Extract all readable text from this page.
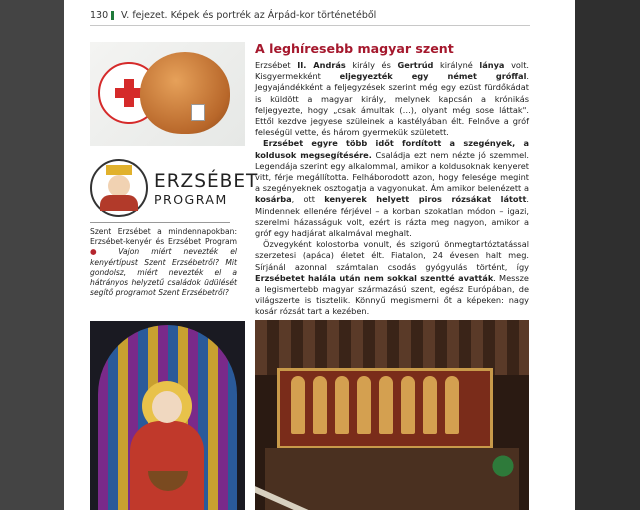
130 V. fejezet. Képek és portrék az Árpád-kor történetéből
ERZSÉBET
PROGRAM
Szent Erzsébet a mindennapokban: Erzsébet-kenyér és Erzsébet Program ● Vajon miért nevezték el kenyértípust Szent Erzsébetről? Mit gondolsz, miért nevezték el a hátrányos helyzetű családok üdülését segítő programot Szent Erzsébetről?
A leghíresebb magyar szent

Erzsébet II. András király és Gertrúd királyné lánya volt. Kisgyermekként eljegyezték egy német gróffal. Jegyajándékként a feljegyzések szerint még egy ezüst fürdőkádat is küldött a magyar király, melynek kapcsán a krónikás feljegyezte, hogy „csak ámultak (…), olyant még sose láttak". Ettől kezdve jegyese szüleinek a kastélyában élt. Felnőve a gróf feleségül vette, és három gyermekük született.

Erzsébet egyre több időt fordított a szegények, a koldusok megsegítésére. Családja ezt nem nézte jó szemmel. Legendája szerint egy alkalommal, amikor a koldusoknak kenyeret vitt, férje megállította. Felháborodott azon, hogy felesége megint a szegényeknek osztogatja a vagyonukat. Ám amikor belenézett a kosárba, ott kenyerek helyett piros rózsákat látott. Mindennek ellenére férjével – a korban szokatlan módon – igazi, szerelmi házasságuk volt, ezért is rázta meg nagyon, amikor a gróf egy hadjárat alkalmával meghalt.

Özvegyként kolostorba vonult, és szigorú önmegtartóztatással szerzetesi (apáca) életet élt. Fiatalon, 24 évesen halt meg. Sírjánál azonnal számtalan csodás gyógyulás történt, így Erzsébetet halála után nem sokkal szentté avatták. Messze a legismertebb magyar származású szent, egész Európában, de világszerte is tisztelik. Könnyű megismerni őt a képeken: nagy kosár rózsát tart a kezében.
